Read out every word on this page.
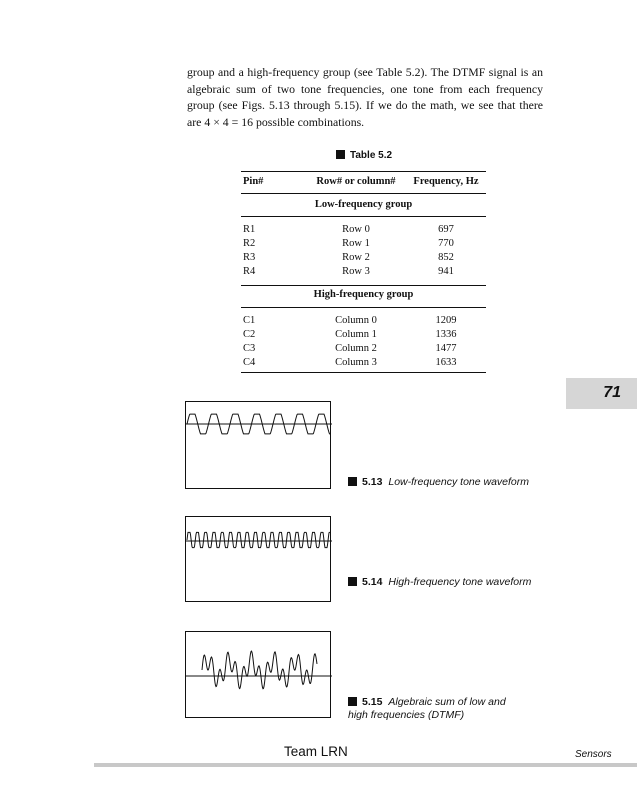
group and a high-frequency group (see Table 5.2). The DTMF signal is an algebraic sum of two tone frequencies, one tone from each frequency group (see Figs. 5.13 through 5.15). If we do the math, we see that there are 4 × 4 = 16 possible combinations.

Table 5.2
Pin#	Row# or column#	Frequency, Hz
Low-frequency group
R1	Row 0	697
R2	Row 1	770
R3	Row 2	852
R4	Row 3	941
High-frequency group
C1	Column 0	1209
C2	Column 1	1336
C3	Column 2	1477
C4	Column 3	1633
71
5.13 Low-frequency tone waveform
5.14 High-frequency tone waveform
5.15 Algebraic sum of low and
high frequencies (DTMF)
Team LRN	Sensors
